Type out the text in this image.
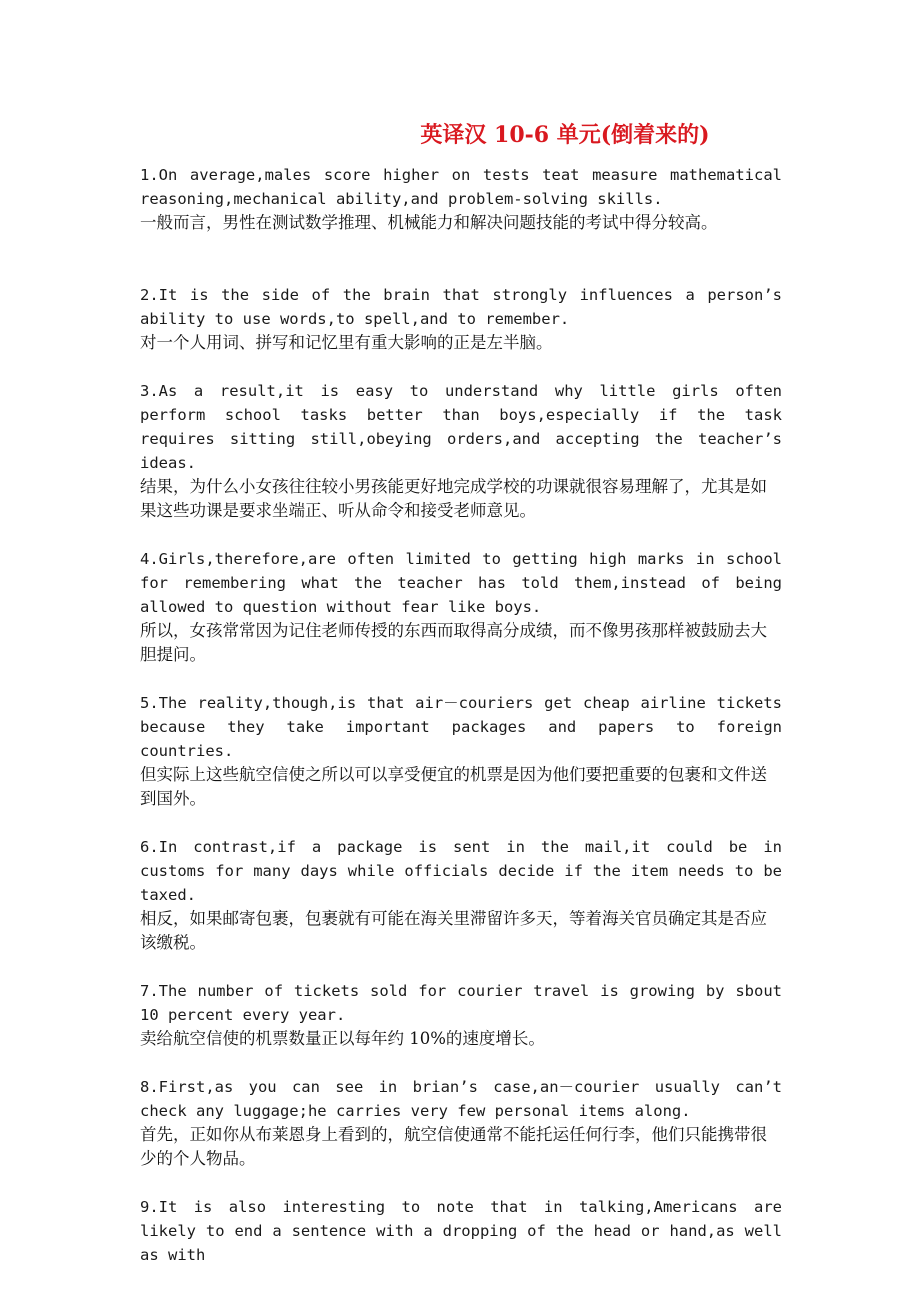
英译汉 10-6 单元(倒着来的)

1.On average,males score higher on tests teat measure mathematical reasoning,mechanical ability,and problem-solving skills.

一般而言，男性在测试数学推理、机械能力和解决问题技能的考试中得分较高。

2.It is the side of the brain that strongly influences a person’s ability to use words,to spell,and to remember.

对一个人用词、拼写和记忆里有重大影响的正是左半脑。

3.As a result,it is easy to understand why little girls often perform school tasks better than boys,especially if the task requires sitting still,obeying orders,and accepting the teacher’s ideas.

结果，为什么小女孩往往较小男孩能更好地完成学校的功课就很容易理解了，尤其是如果这些功课是要求坐端正、听从命令和接受老师意见。

4.Girls,therefore,are often limited to getting high marks in school for remembering what the teacher has told them,instead of being allowed to question without fear like boys.

所以，女孩常常因为记住老师传授的东西而取得高分成绩，而不像男孩那样被鼓励去大胆提问。

5.The reality,though,is that air－couriers get cheap airline tickets because they take important packages and papers to foreign countries.

但实际上这些航空信使之所以可以享受便宜的机票是因为他们要把重要的包裹和文件送到国外。

6.In contrast,if a package is sent in the mail,it could be in customs for many days while officials decide if the item needs to be taxed.

相反，如果邮寄包裹，包裹就有可能在海关里滞留许多天，等着海关官员确定其是否应该缴税。

7.The number of tickets sold for courier travel is growing by sbout 10 percent every year.

卖给航空信使的机票数量正以每年约 10%的速度增长。

8.First,as you can see in brian’s case,an－courier usually can’t check any luggage;he carries very few personal items along.

首先，正如你从布莱恩身上看到的，航空信使通常不能托运任何行李，他们只能携带很少的个人物品。

9.It is also interesting to note that in talking,Americans are likely to end a sentence with a dropping of the head or hand,as well as with
